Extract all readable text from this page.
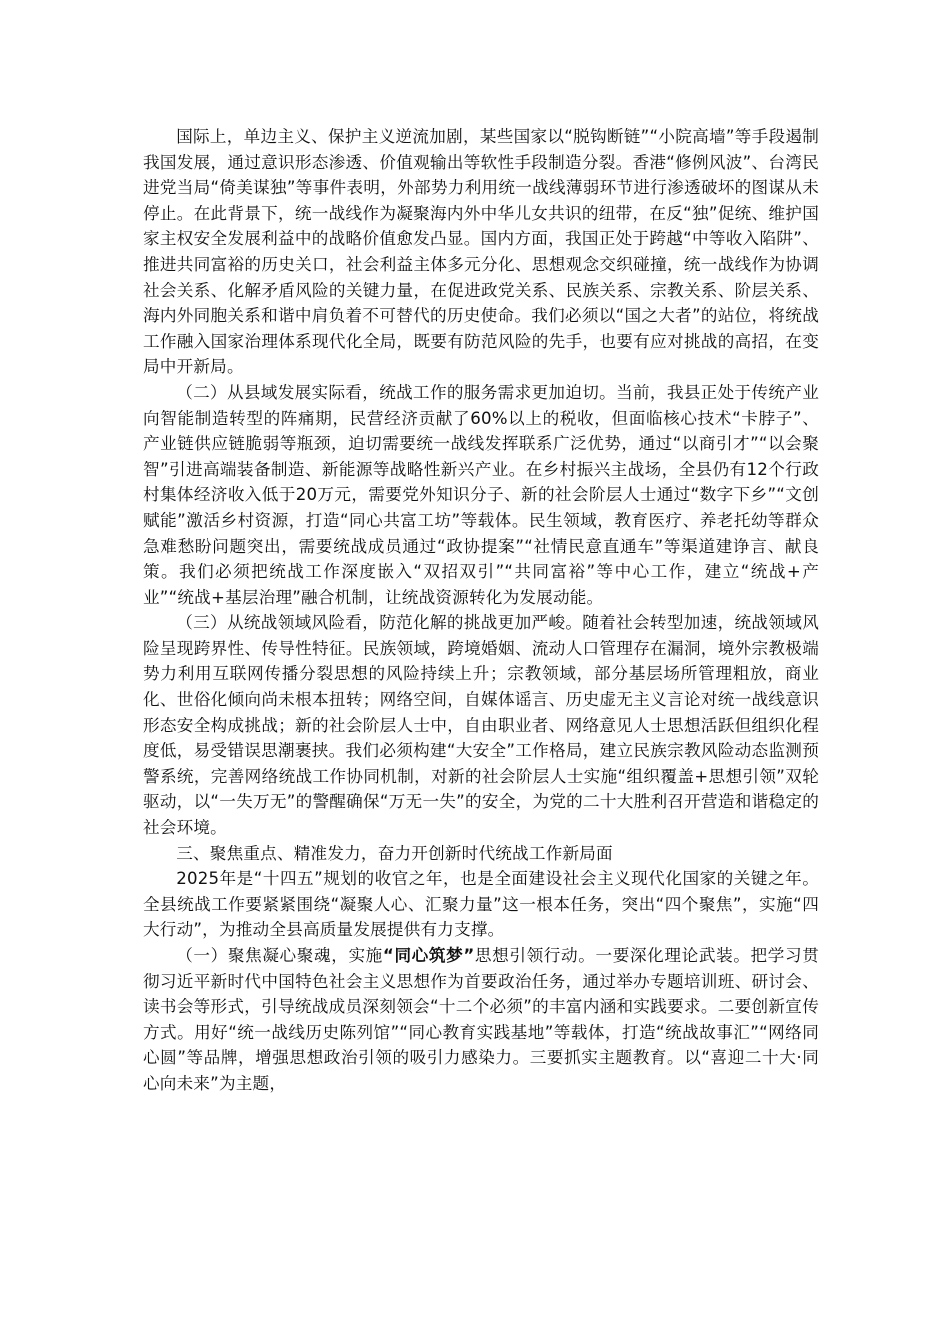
国际上，单边主义、保护主义逆流加剧，某些国家以“脱钩断链”“小院高墙”等手段遏制我国发展，通过意识形态渗透、价值观输出等软性手段制造分裂。香港“修例风波”、台湾民进党当局“倚美谋独”等事件表明，外部势力利用统一战线薄弱环节进行渗透破坏的图谋从未停止。在此背景下，统一战线作为凝聚海内外中华儿女共识的纽带，在反“独”促统、维护国家主权安全发展利益中的战略价值愈发凸显。国内方面，我国正处于跨越“中等收入陷阱”、推进共同富裕的历史关口，社会利益主体多元分化、思想观念交织碰撞，统一战线作为协调社会关系、化解矛盾风险的关键力量，在促进政党关系、民族关系、宗教关系、阶层关系、海内外同胞关系和谐中肩负着不可替代的历史使命。我们必须以“国之大者”的站位，将统战工作融入国家治理体系现代化全局，既要有防范风险的先手，也要有应对挑战的高招，在变局中开新局。

（二）从县域发展实际看，统战工作的服务需求更加迫切。当前，我县正处于传统产业向智能制造转型的阵痛期，民营经济贡献了60%以上的税收，但面临核心技术“卡脖子”、产业链供应链脆弱等瓶颈，迫切需要统一战线发挥联系广泛优势，通过“以商引才”“以会聚智”引进高端装备制造、新能源等战略性新兴产业。在乡村振兴主战场，全县仍有12个行政村集体经济收入低于20万元，需要党外知识分子、新的社会阶层人士通过“数字下乡”“文创赋能”激活乡村资源，打造“同心共富工坊”等载体。民生领域，教育医疗、养老托幼等群众急难愁盼问题突出，需要统战成员通过“政协提案”“社情民意直通车”等渠道建诤言、献良策。我们必须把统战工作深度嵌入“双招双引”“共同富裕”等中心工作，建立“统战+产业”“统战+基层治理”融合机制，让统战资源转化为发展动能。

（三）从统战领域风险看，防范化解的挑战更加严峻。随着社会转型加速，统战领域风险呈现跨界性、传导性特征。民族领域，跨境婚姻、流动人口管理存在漏洞，境外宗教极端势力利用互联网传播分裂思想的风险持续上升；宗教领域，部分基层场所管理粗放，商业化、世俗化倾向尚未根本扭转；网络空间，自媒体谣言、历史虚无主义言论对统一战线意识形态安全构成挑战；新的社会阶层人士中，自由职业者、网络意见人士思想活跃但组织化程度低，易受错误思潮裹挟。我们必须构建“大安全”工作格局，建立民族宗教风险动态监测预警系统，完善网络统战工作协同机制，对新的社会阶层人士实施“组织覆盖+思想引领”双轮驱动，以“一失万无”的警醒确保“万无一失”的安全，为党的二十大胜利召开营造和谐稳定的社会环境。

三、聚焦重点、精准发力，奋力开创新时代统战工作新局面

2025年是“十四五”规划的收官之年，也是全面建设社会主义现代化国家的关键之年。全县统战工作要紧紧围绕“凝聚人心、汇聚力量”这一根本任务，突出“四个聚焦”，实施“四大行动”，为推动全县高质量发展提供有力支撑。

（一）聚焦凝心聚魂，实施“同心筑梦”思想引领行动。一要深化理论武装。把学习贯彻习近平新时代中国特色社会主义思想作为首要政治任务，通过举办专题培训班、研讨会、读书会等形式，引导统战成员深刻领会“十二个必须”的丰富内涵和实践要求。二要创新宣传方式。用好“统一战线历史陈列馆”“同心教育实践基地”等载体，打造“统战故事汇”“网络同心圆”等品牌，增强思想政治引领的吸引力感染力。三要抓实主题教育。以“喜迎二十大·同心向未来”为主题，
